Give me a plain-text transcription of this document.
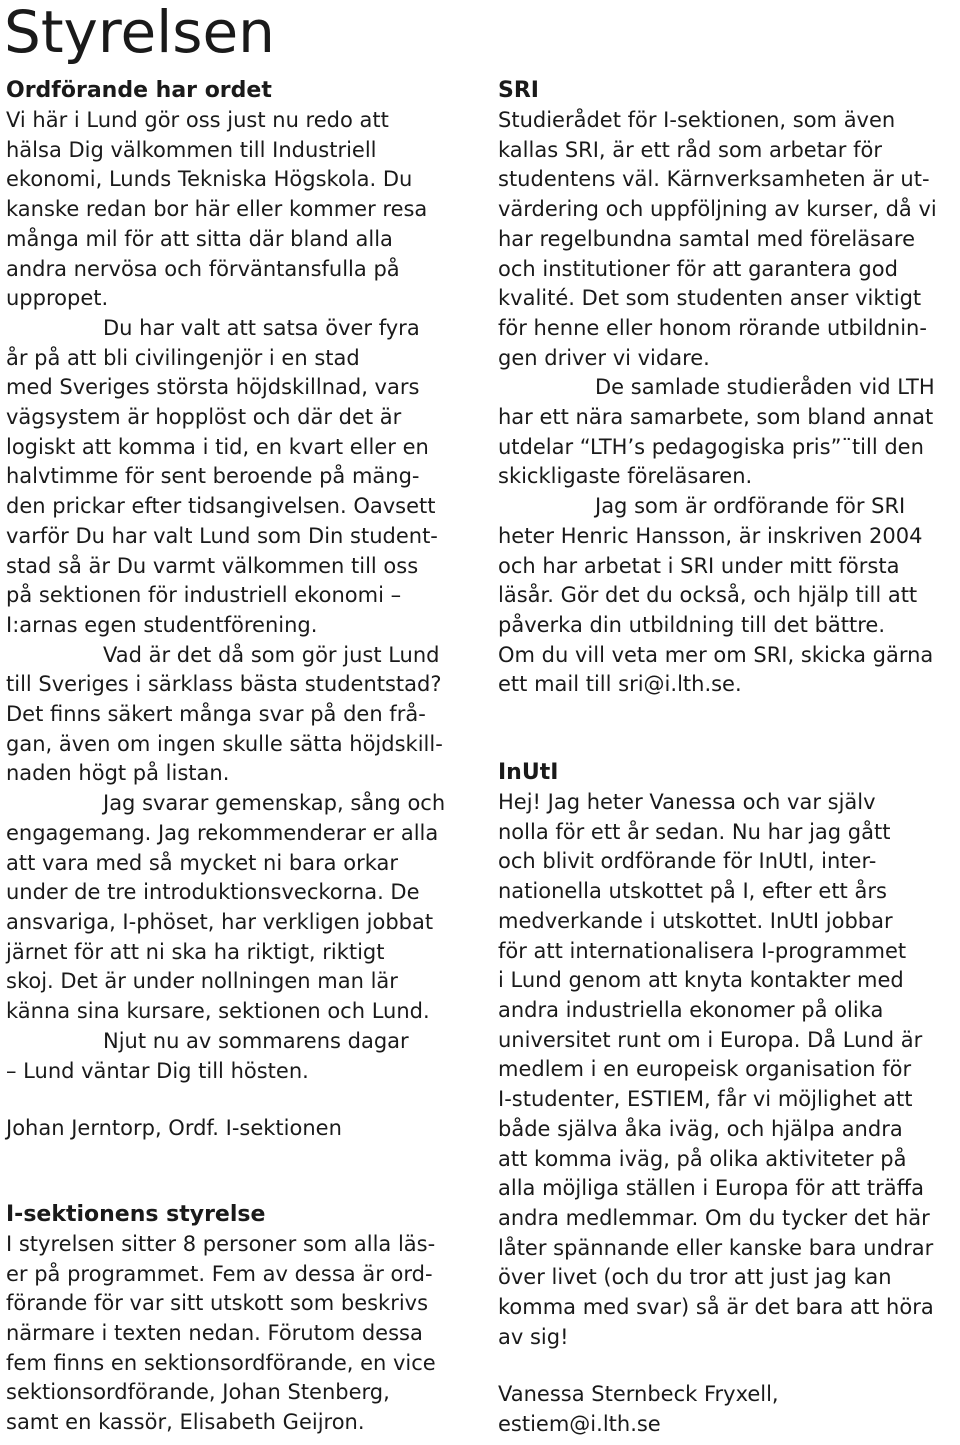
Styrelsen
Ordförande har ordet

Vi här i Lund gör oss just nu redo att
hälsa Dig välkommen till Industriell
ekonomi, Lunds Tekniska Högskola. Du
kanske redan bor här eller kommer resa
många mil för att sitta där bland alla
andra nervösa och förväntansfulla på
uppropet.

Du har valt att satsa över fyra
år på att bli civilingenjör i en stad
med Sveriges största höjdskillnad, vars
vägsystem är hopplöst och där det är
logiskt att komma i tid, en kvart eller en
halvtimme för sent beroende på mäng-
den prickar efter tidsangivelsen. Oavsett
varför Du har valt Lund som Din student-
stad så är Du varmt välkommen till oss
på sektionen för industriell ekonomi –
I:arnas egen studentförening.

Vad är det då som gör just Lund
till Sveriges i särklass bästa studentstad?
Det finns säkert många svar på den frå-
gan, även om ingen skulle sätta höjdskill-
naden högt på listan.

Jag svarar gemenskap, sång och
engagemang. Jag rekommenderar er alla
att vara med så mycket ni bara orkar
under de tre introduktionsveckorna. De
ansvariga, I-phöset, har verkligen jobbat
järnet för att ni ska ha riktigt, riktigt
skoj. Det är under nollningen man lär
känna sina kursare, sektionen och Lund.

Njut nu av sommarens dagar
– Lund väntar Dig till hösten.

Johan Jerntorp, Ordf. I-sektionen

I-sektionens styrelse

I styrelsen sitter 8 personer som alla läs-
er på programmet. Fem av dessa är ord-
förande för var sitt utskott som beskrivs
närmare i texten nedan. Förutom dessa
fem finns en sektionsordförande, en vice
sektionsordförande, Johan Stenberg,
samt en kassör, Elisabeth Geijron.

SRI

Studierådet för I-sektionen, som även
kallas SRI, är ett råd som arbetar för
studentens väl. Kärnverksamheten är ut-
värdering och uppföljning av kurser, då vi
har regelbundna samtal med föreläsare
och institutioner för att garantera god
kvalité. Det som studenten anser viktigt
för henne eller honom rörande utbildnin-
gen driver vi vidare.

De samlade studieråden vid LTH
har ett nära samarbete, som bland annat
utdelar “LTH’s pedagogiska pris”¨till den
skickligaste föreläsaren.

Jag som är ordförande för SRI
heter Henric Hansson, är inskriven 2004
och har arbetat i SRI under mitt första
läsår. Gör det du också, och hjälp till att
påverka din utbildning till det bättre.
Om du vill veta mer om SRI, skicka gärna
ett mail till sri@i.lth.se.

InUtI

Hej! Jag heter Vanessa och var själv
nolla för ett år sedan. Nu har jag gått
och blivit ordförande för InUtI, inter-
nationella utskottet på I, efter ett års
medverkande i utskottet. InUtI jobbar
för att internationalisera I-programmet
i Lund genom att knyta kontakter med
andra industriella ekonomer på olika
universitet runt om i Europa. Då Lund är
medlem i en europeisk organisation för
I-studenter, ESTIEM, får vi möjlighet att
både själva åka iväg, och hjälpa andra
att komma iväg, på olika aktiviteter på
alla möjliga ställen i Europa för att träffa
andra medlemmar. Om du tycker det här
låter spännande eller kanske bara undrar
över livet (och du tror att just jag kan
komma med svar) så är det bara att höra
av sig!

Vanessa Sternbeck Fryxell,
estiem@i.lth.se
